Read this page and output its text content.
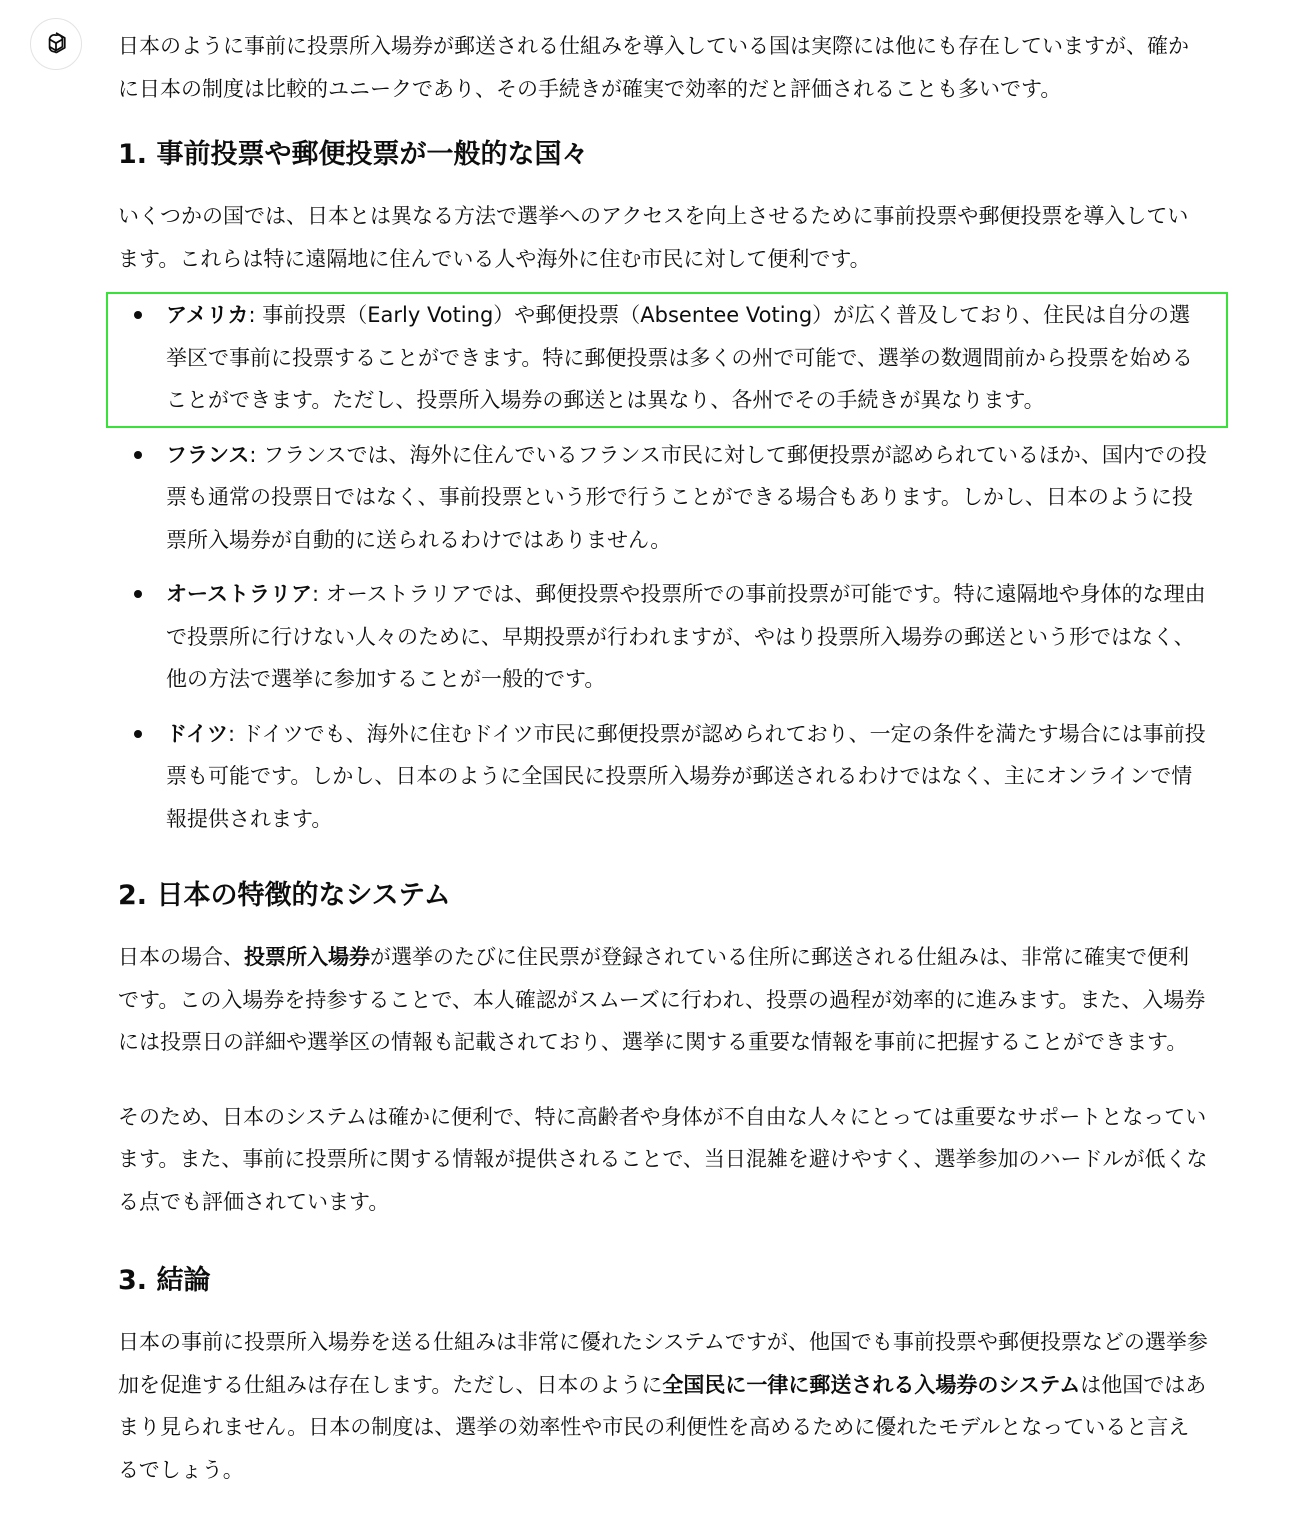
日本のように事前に投票所入場券が郵送される仕組みを導入している国は実際には他にも存在していますが、確かに日本の制度は比較的ユニークであり、その手続きが確実で効率的だと評価されることも多いです。

1. 事前投票や郵便投票が一般的な国々

いくつかの国では、日本とは異なる方法で選挙へのアクセスを向上させるために事前投票や郵便投票を導入しています。これらは特に遠隔地に住んでいる人や海外に住む市民に対して便利です。

アメリカ: 事前投票（Early Voting）や郵便投票（Absentee Voting）が広く普及しており、住民は自分の選挙区で事前に投票することができます。特に郵便投票は多くの州で可能で、選挙の数週間前から投票を始めることができます。ただし、投票所入場券の郵送とは異なり、各州でその手続きが異なります。
フランス: フランスでは、海外に住んでいるフランス市民に対して郵便投票が認められているほか、国内での投票も通常の投票日ではなく、事前投票という形で行うことができる場合もあります。しかし、日本のように投票所入場券が自動的に送られるわけではありません。
オーストラリア: オーストラリアでは、郵便投票や投票所での事前投票が可能です。特に遠隔地や身体的な理由で投票所に行けない人々のために、早期投票が行われますが、やはり投票所入場券の郵送という形ではなく、他の方法で選挙に参加することが一般的です。
ドイツ: ドイツでも、海外に住むドイツ市民に郵便投票が認められており、一定の条件を満たす場合には事前投票も可能です。しかし、日本のように全国民に投票所入場券が郵送されるわけではなく、主にオンラインで情報提供されます。
2. 日本の特徴的なシステム

日本の場合、投票所入場券が選挙のたびに住民票が登録されている住所に郵送される仕組みは、非常に確実で便利です。この入場券を持参することで、本人確認がスムーズに行われ、投票の過程が効率的に進みます。また、入場券には投票日の詳細や選挙区の情報も記載されており、選挙に関する重要な情報を事前に把握することができます。

そのため、日本のシステムは確かに便利で、特に高齢者や身体が不自由な人々にとっては重要なサポートとなっています。また、事前に投票所に関する情報が提供されることで、当日混雑を避けやすく、選挙参加のハードルが低くなる点でも評価されています。

3. 結論

日本の事前に投票所入場券を送る仕組みは非常に優れたシステムですが、他国でも事前投票や郵便投票などの選挙参加を促進する仕組みは存在します。ただし、日本のように全国民に一律に郵送される入場券のシステムは他国ではあまり見られません。日本の制度は、選挙の効率性や市民の利便性を高めるために優れたモデルとなっていると言えるでしょう。
